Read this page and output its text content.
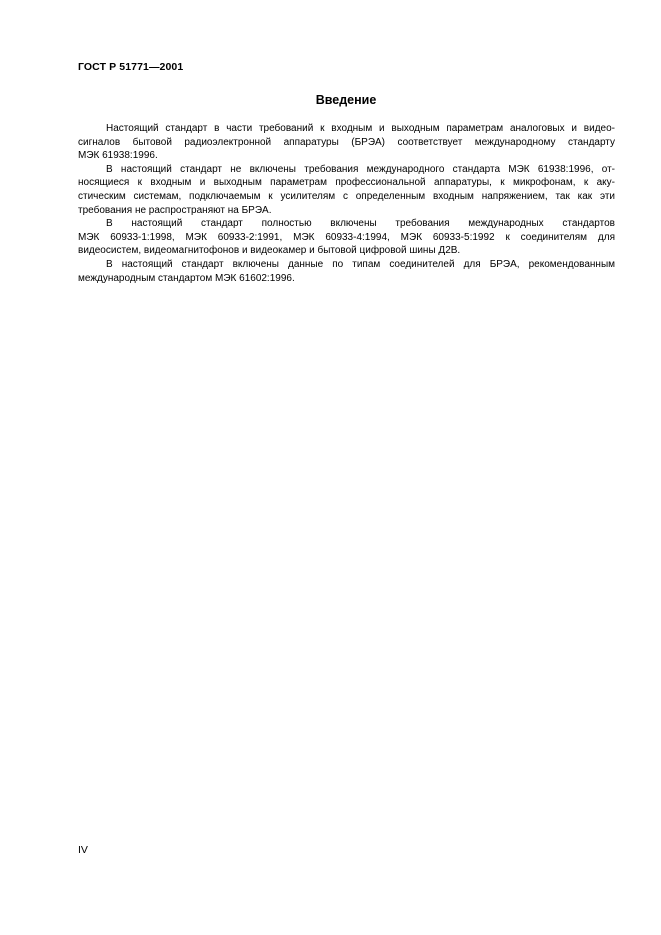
ГОСТ Р 51771—2001
Введение

Настоящий стандарт в части требований к входным и выходным параметрам аналоговых и видео-
сигналов бытовой радиоэлектронной аппаратуры (БРЭА) соответствует международному стандарту
МЭК 61938:1996.

В настоящий стандарт не включены требования международного стандарта МЭК 61938:1996, от-
носящиеся к входным и выходным параметрам профессиональной аппаратуры, к микрофонам, к аку-
стическим системам, подключаемым к усилителям с определенным входным напряжением, так как эти
требования не распространяют на БРЭА.

В настоящий стандарт полностью включены требования международных стандартов
МЭК 60933-1:1998, МЭК 60933-2:1991, МЭК 60933-4:1994, МЭК 60933-5:1992 к соединителям для
видеосистем, видеомагнитофонов и видеокамер и бытовой цифровой шины Д2В.

В настоящий стандарт включены данные по типам соединителей для БРЭА, рекомендованным
международным стандартом МЭК 61602:1996.

IV
